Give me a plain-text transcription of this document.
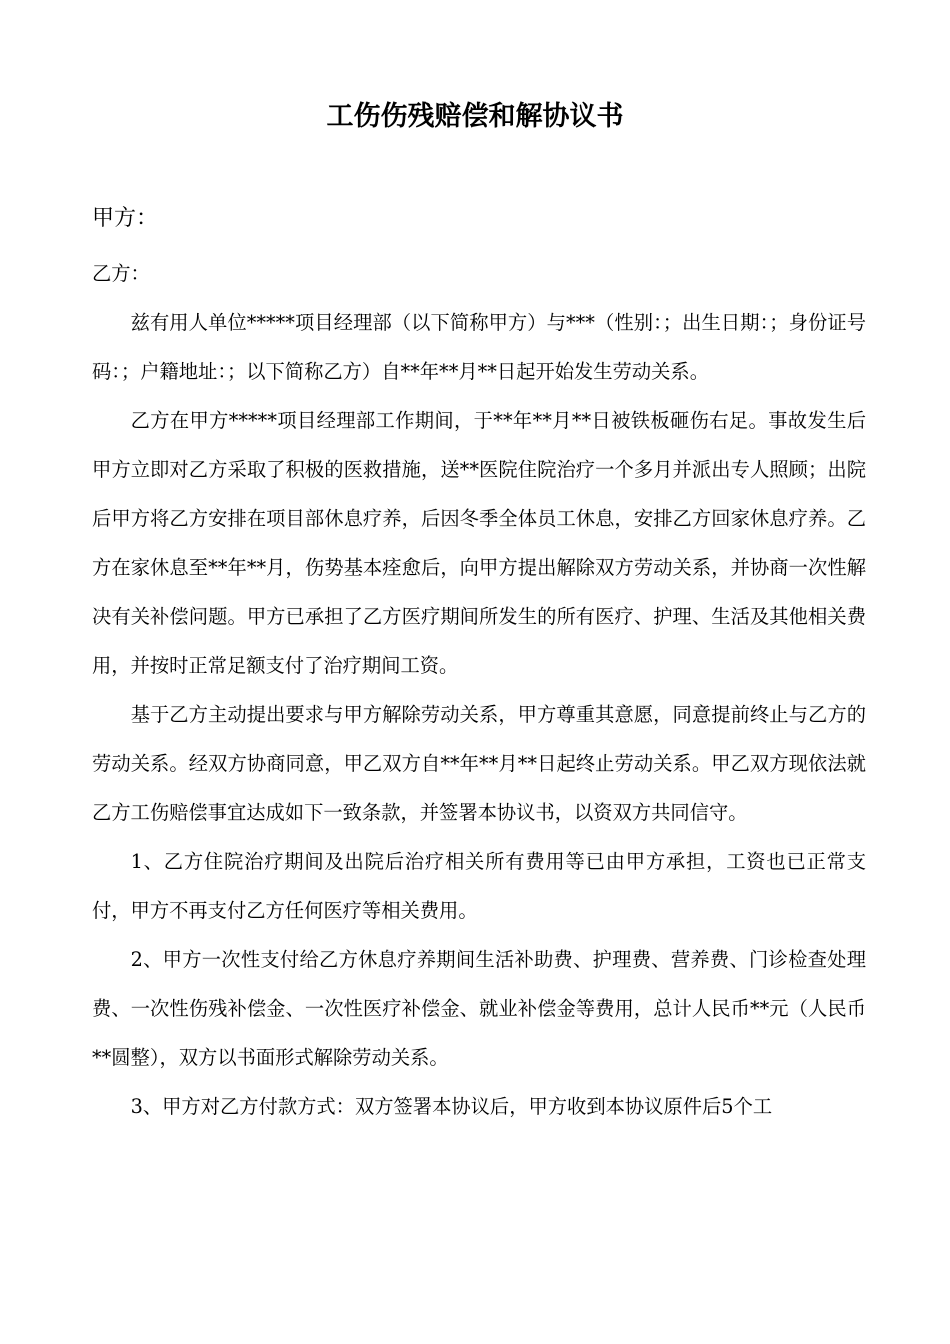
工伤伤残赔偿和解协议书
甲方：

乙方：

兹有用人单位*****项目经理部（以下简称甲方）与***（性别：；出生日期：；身份证号码：；户籍地址：；以下简称乙方）自**年**月**日起开始发生劳动关系。

乙方在甲方*****项目经理部工作期间，于**年**月**日被铁板砸伤右足。事故发生后甲方立即对乙方采取了积极的医救措施，送**医院住院治疗一个多月并派出专人照顾；出院后甲方将乙方安排在项目部休息疗养，后因冬季全体员工休息，安排乙方回家休息疗养。乙方在家休息至**年**月，伤势基本痊愈后，向甲方提出解除双方劳动关系，并协商一次性解决有关补偿问题。甲方已承担了乙方医疗期间所发生的所有医疗、护理、生活及其他相关费用，并按时正常足额支付了治疗期间工资。

基于乙方主动提出要求与甲方解除劳动关系，甲方尊重其意愿，同意提前终止与乙方的劳动关系。经双方协商同意，甲乙双方自**年**月**日起终止劳动关系。甲乙双方现依法就乙方工伤赔偿事宜达成如下一致条款，并签署本协议书，以资双方共同信守。

1、乙方住院治疗期间及出院后治疗相关所有费用等已由甲方承担，工资也已正常支付，甲方不再支付乙方任何医疗等相关费用。

2、甲方一次性支付给乙方休息疗养期间生活补助费、护理费、营养费、门诊检查处理费、一次性伤残补偿金、一次性医疗补偿金、就业补偿金等费用，总计人民币**元（人民币**圆整），双方以书面形式解除劳动关系。

3、甲方对乙方付款方式：双方签署本协议后，甲方收到本协议原件后5个工
